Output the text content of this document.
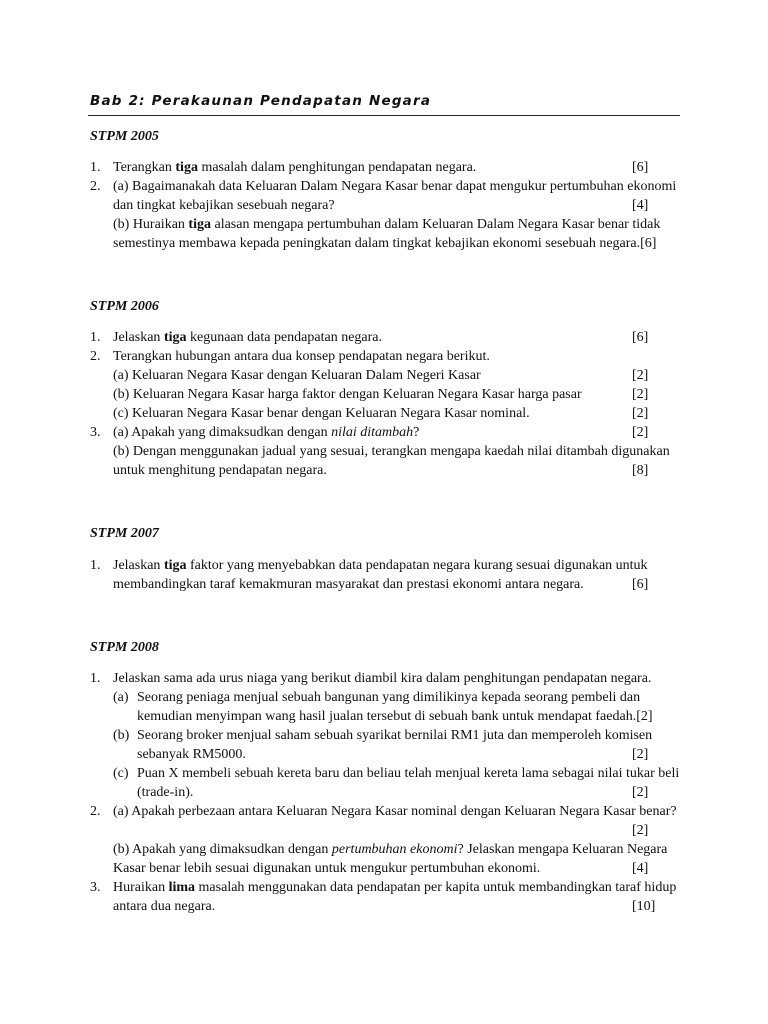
Bab 2: Perakaunan Pendapatan Negara
STPM 2005
1. Terangkan tiga masalah dalam penghitungan pendapatan negara.	[6]
2. (a) Bagaimanakah data Keluaran Dalam Negara Kasar benar dapat mengukur pertumbuhan ekonomi
dan tingkat kebajikan sesebuah negara?	[4]
(b) Huraikan tiga alasan mengapa pertumbuhan dalam Keluaran Dalam Negara Kasar benar tidak
semestinya membawa kepada peningkatan dalam tingkat kebajikan ekonomi sesebuah negara.[6]
STPM 2006
1. Jelaskan tiga kegunaan data pendapatan negara.	[6]
2. Terangkan hubungan antara dua konsep pendapatan negara berikut.
(a) Keluaran Negara Kasar dengan Keluaran Dalam Negeri Kasar	[2]
(b) Keluaran Negara Kasar harga faktor dengan Keluaran Negara Kasar harga pasar	[2]
(c) Keluaran Negara Kasar benar dengan Keluaran Negara Kasar nominal.	[2]
3. (a) Apakah yang dimaksudkan dengan nilai ditambah?	[2]
(b) Dengan menggunakan jadual yang sesuai, terangkan mengapa kaedah nilai ditambah digunakan
untuk menghitung pendapatan negara.	[8]
STPM 2007
1. Jelaskan tiga faktor yang menyebabkan data pendapatan negara kurang sesuai digunakan untuk
membandingkan taraf kemakmuran masyarakat dan prestasi ekonomi antara negara.	[6]
STPM 2008
1. Jelaskan sama ada urus niaga yang berikut diambil kira dalam penghitungan pendapatan negara.
(a) Seorang peniaga menjual sebuah bangunan yang dimilikinya kepada seorang pembeli dan
kemudian menyimpan wang hasil jualan tersebut di sebuah bank untuk mendapat faedah.[2]
(b) Seorang broker menjual saham sebuah syarikat bernilai RM1 juta dan memperoleh komisen
sebanyak RM5000.	[2]
(c) Puan X membeli sebuah kereta baru dan beliau telah menjual kereta lama sebagai nilai tukar beli
(trade-in).	[2]
2. (a) Apakah perbezaan antara Keluaran Negara Kasar nominal dengan Keluaran Negara Kasar benar?
[2]
(b) Apakah yang dimaksudkan dengan pertumbuhan ekonomi? Jelaskan mengapa Keluaran Negara
Kasar benar lebih sesuai digunakan untuk mengukur pertumbuhan ekonomi.	[4]
3. Huraikan lima masalah menggunakan data pendapatan per kapita untuk membandingkan taraf hidup
antara dua negara.	[10]
